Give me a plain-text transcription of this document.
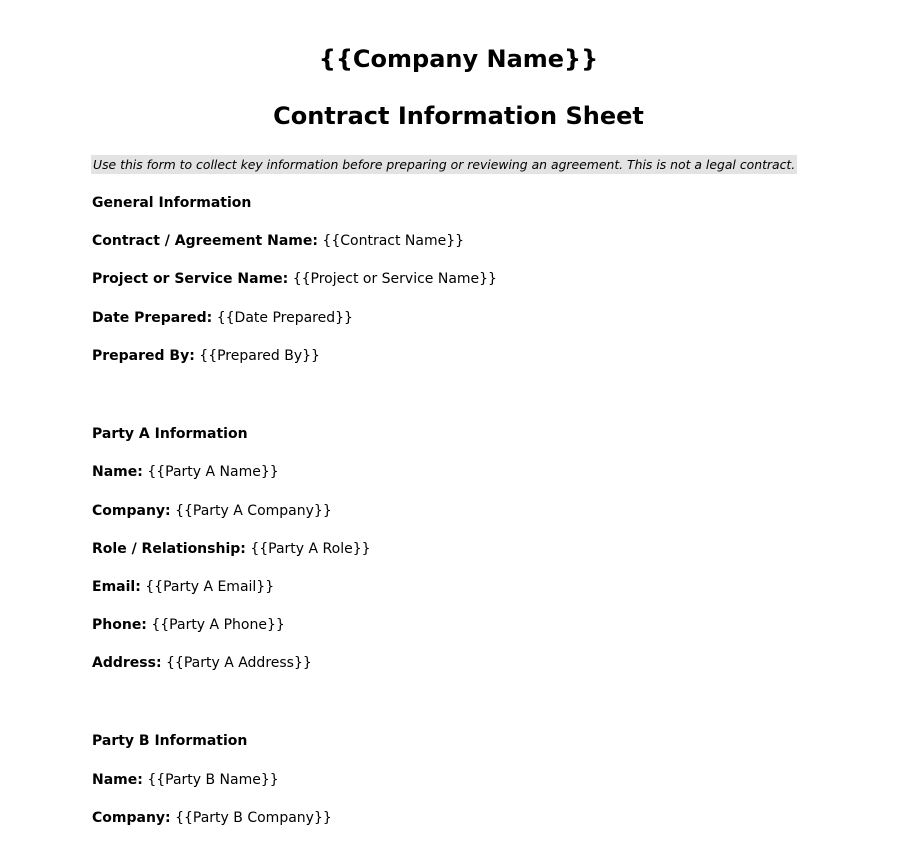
{{Company Name}}
Contract Information Sheet
Use this form to collect key information before preparing or reviewing an agreement. This is not a legal contract.
General Information
Contract / Agreement Name: {{Contract Name}}
Project or Service Name: {{Project or Service Name}}
Date Prepared: {{Date Prepared}}
Prepared By: {{Prepared By}}
Party A Information
Name: {{Party A Name}}
Company: {{Party A Company}}
Role / Relationship: {{Party A Role}}
Email: {{Party A Email}}
Phone: {{Party A Phone}}
Address: {{Party A Address}}
Party B Information
Name: {{Party B Name}}
Company: {{Party B Company}}
